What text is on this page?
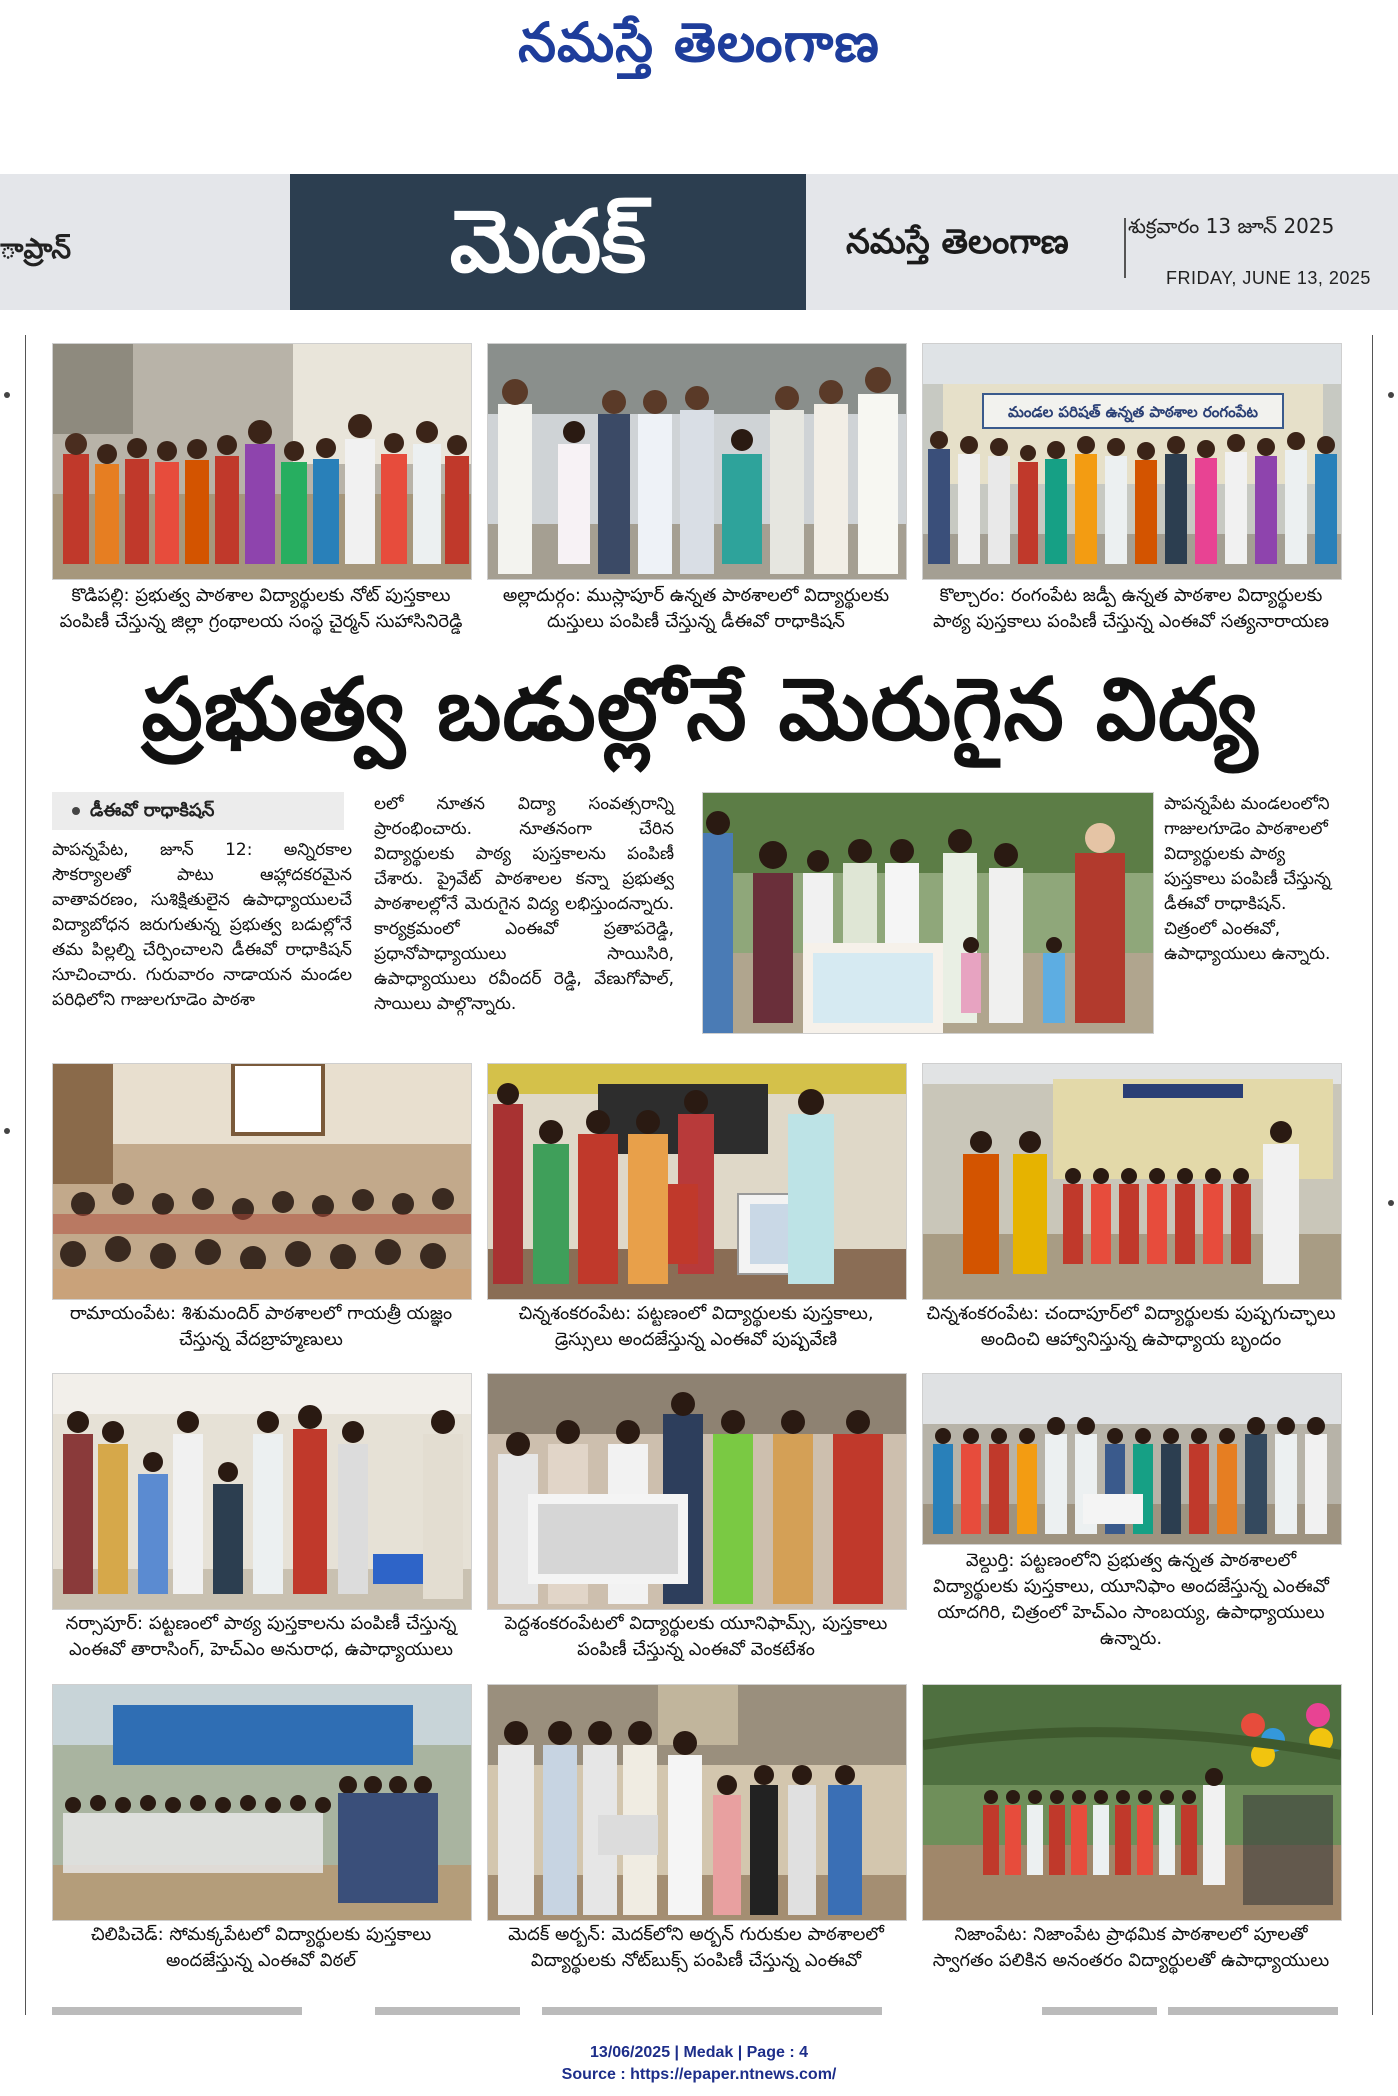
నమస్తే తెలంగాణ
ాప్రాన్	మెదక్	నమస్తే తెలంగాణ	శుక్రవారం 13 జూన్ 2025
FRIDAY, JUNE 13, 2025
మండల పరిషత్ ఉన్నత పాఠశాల రంగంపేట
కొడిపల్లి: ప్రభుత్వ పాఠశాల విద్యార్థులకు నోట్ పుస్తకాలు పంపిణీ చేస్తున్న జిల్లా గ్రంథాలయ సంస్థ చైర్మన్ సుహాసినిరెడ్డి
అల్లాదుర్గం: ముస్లాపూర్ ఉన్నత పాఠశాలలో విద్యార్థులకు దుస్తులు పంపిణీ చేస్తున్న డీఈవో రాధాకిషన్
కొల్చారం: రంగంపేట జడ్పీ ఉన్నత పాఠశాల విద్యార్థులకు పాఠ్య పుస్తకాలు పంపిణీ చేస్తున్న ఎంఈవో సత్యనారాయణ
ప్రభుత్వ బడుల్లోనే మెరుగైన విద్య
డీఈవో రాధాకిషన్
పాపన్నపేట, జూన్ 12: అన్నిరకాల సౌకర్యాలతో పాటు ఆహ్లాదకరమైన వాతావరణం, సుశిక్షితులైన ఉపాధ్యాయులచే విద్యాబోధన జరుగుతున్న ప్రభుత్వ బడుల్లోనే తమ పిల్లల్ని చేర్పించాలని డీఈవో రాధాకిషన్ సూచించారు. గురువారం నాడాయన మండల పరిధిలోని గాజులగూడెం పాఠశా
లలో నూతన విద్యా సంవత్సరాన్ని ప్రారంభించారు. నూతనంగా చేరిన విద్యార్థులకు పాఠ్య పుస్తకాలను పంపిణీ చేశారు. ప్రైవేట్ పాఠశాలల కన్నా ప్రభుత్వ పాఠశాలల్లోనే మెరుగైన విద్య లభిస్తుందన్నారు. కార్యక్రమంలో ఎంఈవో ప్రతాపరెడ్డి, ప్రధానోపాధ్యాయులు సాయిసిరి, ఉపాధ్యాయులు రవీందర్ రెడ్డి, వేణుగోపాల్, సాయిలు పాల్గొన్నారు.
పాపన్నపేట మండలంలోని గాజులగూడెం పాఠశాలలో విద్యార్థులకు పాఠ్య పుస్తకాలు పంపిణీ చేస్తున్న డీఈవో రాధాకిషన్. చిత్రంలో ఎంఈవో, ఉపాధ్యాయులు ఉన్నారు.
రామాయంపేట: శిశుమందిర్ పాఠశాలలో గాయత్రీ యజ్ఞం చేస్తున్న వేదబ్రాహ్మణులు
చిన్నశంకరంపేట: పట్టణంలో విద్యార్థులకు పుస్తకాలు, డ్రెస్సులు అందజేస్తున్న ఎంఈవో పుష్పవేణి
చిన్నశంకరంపేట: చందాపూర్‌లో విద్యార్థులకు పుష్పగుచ్ఛాలు అందించి ఆహ్వానిస్తున్న ఉపాధ్యాయ బృందం
నర్సాపూర్: పట్టణంలో పాఠ్య పుస్తకాలను పంపిణీ చేస్తున్న ఎంఈవో తారాసింగ్, హెచ్ఎం అనురాధ, ఉపాధ్యాయులు
పెద్దశంకరంపేటలో విద్యార్థులకు యూనిఫామ్స్, పుస్తకాలు పంపిణీ చేస్తున్న ఎంఈవో వెంకటేశం
వెల్దుర్తి: పట్టణంలోని ప్రభుత్వ ఉన్నత పాఠశాలలో విద్యార్థులకు పుస్తకాలు, యూనిఫాం అందజేస్తున్న ఎంఈవో యాదగిరి, చిత్రంలో హెచ్ఎం సాంబయ్య, ఉపాధ్యాయులు ఉన్నారు.
చిలిపిచెడ్: సోమక్కపేటలో విద్యార్థులకు పుస్తకాలు అందజేస్తున్న ఎంఈవో విఠల్
మెదక్ అర్బన్: మెదక్‌లోని అర్బన్ గురుకుల పాఠశాలలో విద్యార్థులకు నోట్‌బుక్స్ పంపిణీ చేస్తున్న ఎంఈవో
నిజాంపేట: నిజాంపేట ప్రాథమిక పాఠశాలలో పూలతో స్వాగతం పలికిన అనంతరం విద్యార్థులతో ఉపాధ్యాయులు
13/06/2025 | Medak | Page : 4
Source : https://epaper.ntnews.com/
